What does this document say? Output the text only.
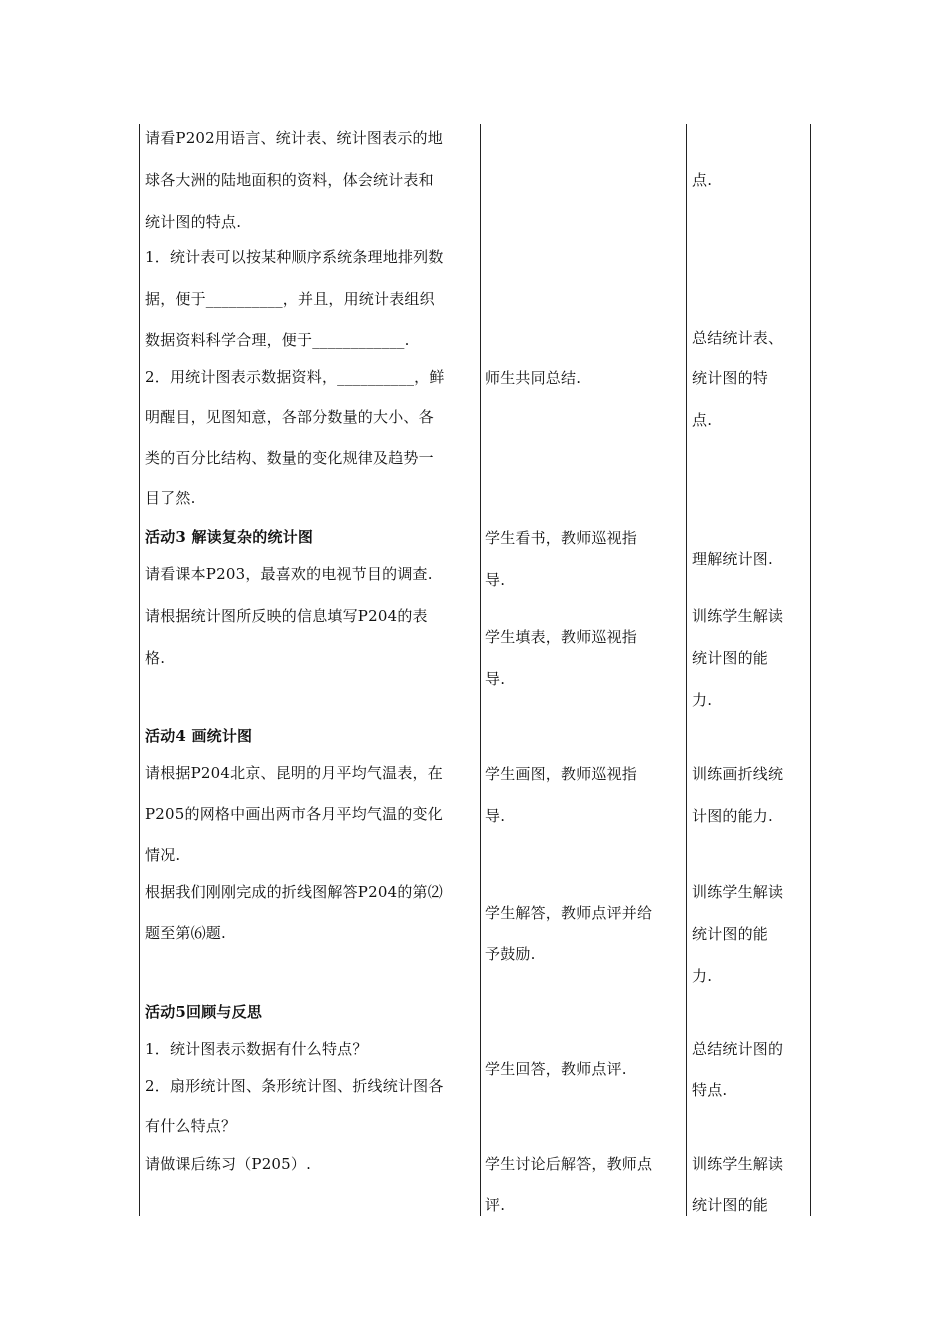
请看P202用语言、统计表、统计图表示的地
球各大洲的陆地面积的资料，体会统计表和
统计图的特点.
1．统计表可以按某种顺序系统条理地排列数
据，便于__________，并且，用统计表组织
数据资料科学合理，便于____________.
2．用统计图表示数据资料，__________，鲜
明醒目，见图知意，各部分数量的大小、各
类的百分比结构、数量的变化规律及趋势一
目了然.
活动3 解读复杂的统计图
请看课本P203，最喜欢的电视节目的调查.
请根据统计图所反映的信息填写P204的表
格.
活动4 画统计图
请根据P204北京、昆明的月平均气温表，在
P205的网格中画出两市各月平均气温的变化
情况.
根据我们刚刚完成的折线图解答P204的第⑵
题至第⑹题.
活动5回顾与反思
1．统计图表示数据有什么特点？
2．扇形统计图、条形统计图、折线统计图各
有什么特点？
请做课后练习（P205）.
师生共同总结.
学生看书，教师巡视指
导.
学生填表，教师巡视指
导.
学生画图，教师巡视指
导.
学生解答，教师点评并给
予鼓励.
学生回答，教师点评.
学生讨论后解答，教师点
评.
点.
总结统计表、
统计图的特
点.
理解统计图.
训练学生解读
统计图的能
力.
训练画折线统
计图的能力.
训练学生解读
统计图的能
力.
总结统计图的
特点.
训练学生解读
统计图的能
